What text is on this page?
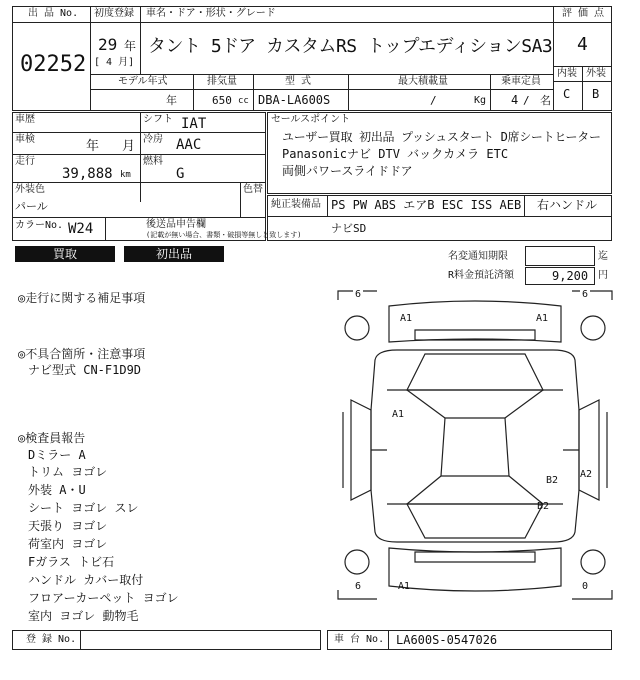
出 品 No.
02252
初度登録
29 年
[ 4 月]
車名・ドア・形状・グレード
タント 5ドア カスタムRS トップエディションSA3
評 価 点
4
内装 外装
C B
モデル年式	排気量	型 式	最大積載量	乗車定員
年	650 cc DBA-LA600S	/	Kg 4 / 名
車歴	シフト IAT
車検	年 月 冷房 AAC
走行
39,888 km
燃料
G
外装色
パール
色替
カラーNo. W24	後送品申告欄
(記載が無い場合、書類・破損等無しと致します)
セールスポイント
ユーザー買取 初出品 プッシュスタート D席シートヒーター
Panasonicナビ DTV バックカメラ ETC
両側パワースライドドア
純正装備品 PS PW ABS エアB ESC ISS AEB 右ハンドル
ナビSD
買取	初出品	名変通知期限	迄
R料金預託済額	9,200 円
◎走行に関する補足事項
◎不具合箇所・注意事項
ナビ型式 CN-F1D9D
◎検査員報告
Dミラー A
トリム ヨゴレ
外装 A・U
シート ヨゴレ スレ
天張り ヨゴレ
荷室内 ヨゴレ
Fガラス トビ石
ハンドル カバー取付
フロアーカーペット ヨゴレ
室内 ヨゴレ 動物毛
6	6
6	0
A1	A1
A1
B2
A2
B2
A1
登 録 No.	車 台 No. LA600S-0547026
